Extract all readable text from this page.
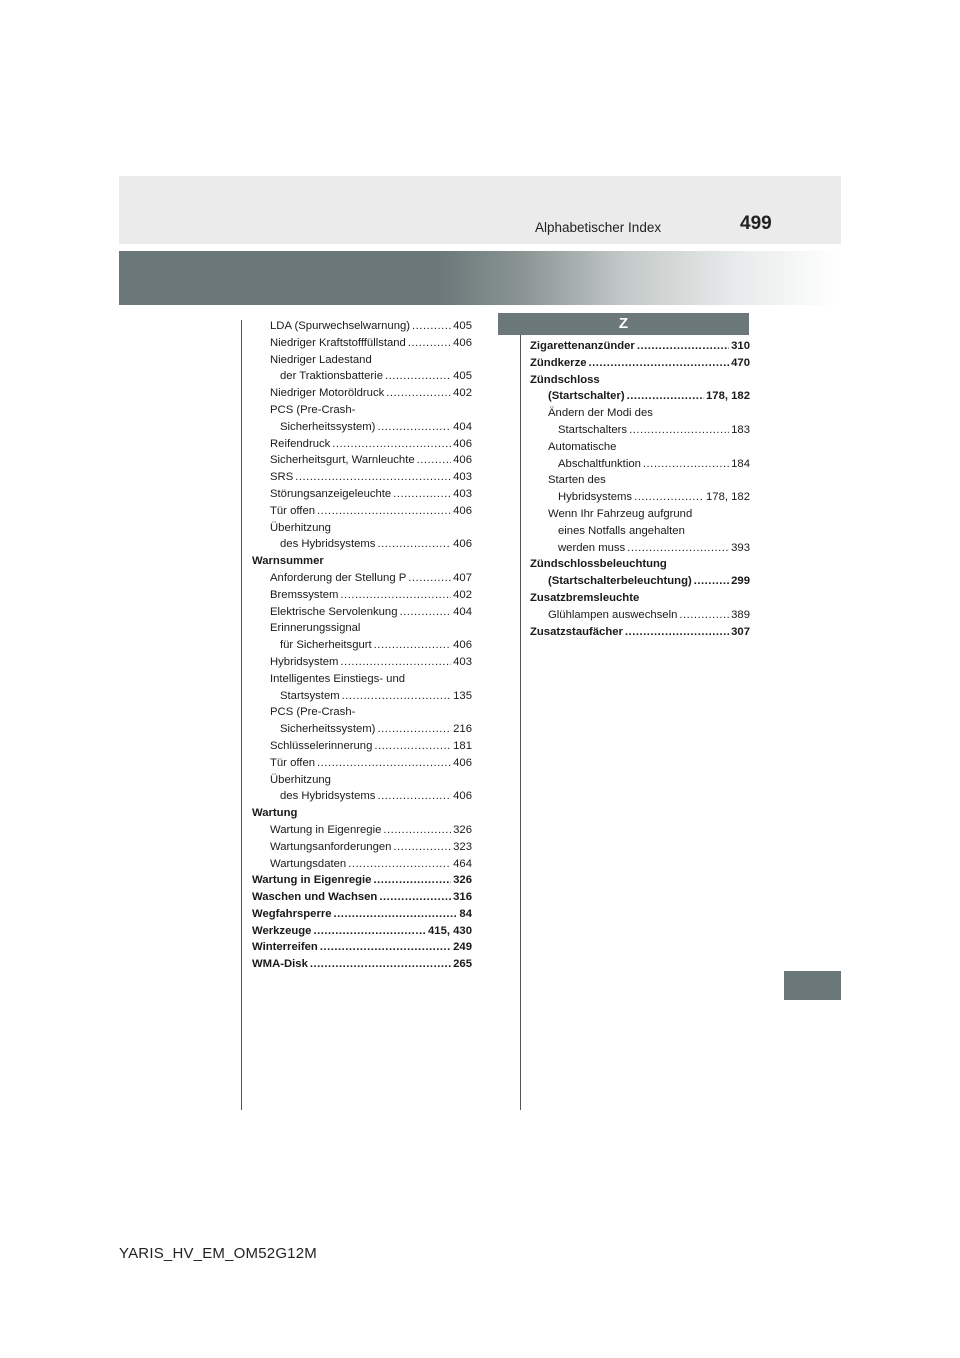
499
Alphabetischer Index
Z
LDA (Spurwechselwarnung) .....	405
Niedriger Kraftstofffüllstand .....	406
Niedriger Ladestand
der Traktionsbatterie .....	405
Niedriger Motoröldruck .....	402
PCS (Pre-Crash-
Sicherheitssystem) .....	404
Reifendruck .....	406
Sicherheitsgurt, Warnleuchte .....	406
SRS .....	403
Störungsanzeigeleuchte .....	403
Tür offen .....	406
Überhitzung
des Hybridsystems .....	406
Warnsummer
Anforderung der Stellung P .....	407
Bremssystem .....	402
Elektrische Servolenkung .....	404
Erinnerungssignal
für Sicherheitsgurt .....	406
Hybridsystem .....	403
Intelligentes Einstiegs- und
Startsystem .....	135
PCS (Pre-Crash-
Sicherheitssystem) .....	216
Schlüsselerinnerung .....	181
Tür offen .....	406
Überhitzung
des Hybridsystems .....	406
Wartung
Wartung in Eigenregie .....	326
Wartungsanforderungen .....	323
Wartungsdaten .....	464
Wartung in Eigenregie .....	326
Waschen und Wachsen .....	316
Wegfahrsperre .....	84
Werkzeuge .....	415, 430
Winterreifen .....	249
WMA-Disk .....	265
Zigarettenanzünder .....	310
Zündkerze .....	470
Zündschloss
(Startschalter) .....	178, 182
Ändern der Modi des
Startschalters .....	183
Automatische
Abschaltfunktion .....	184
Starten des
Hybridsystems .....	178, 182
Wenn Ihr Fahrzeug aufgrund
eines Notfalls angehalten
werden muss .....	393
Zündschlossbeleuchtung
(Startschalterbeleuchtung) .....	299
Zusatzbremsleuchte
Glühlampen auswechseln .....	389
Zusatzstaufächer .....	307
YARIS_HV_EM_OM52G12M
